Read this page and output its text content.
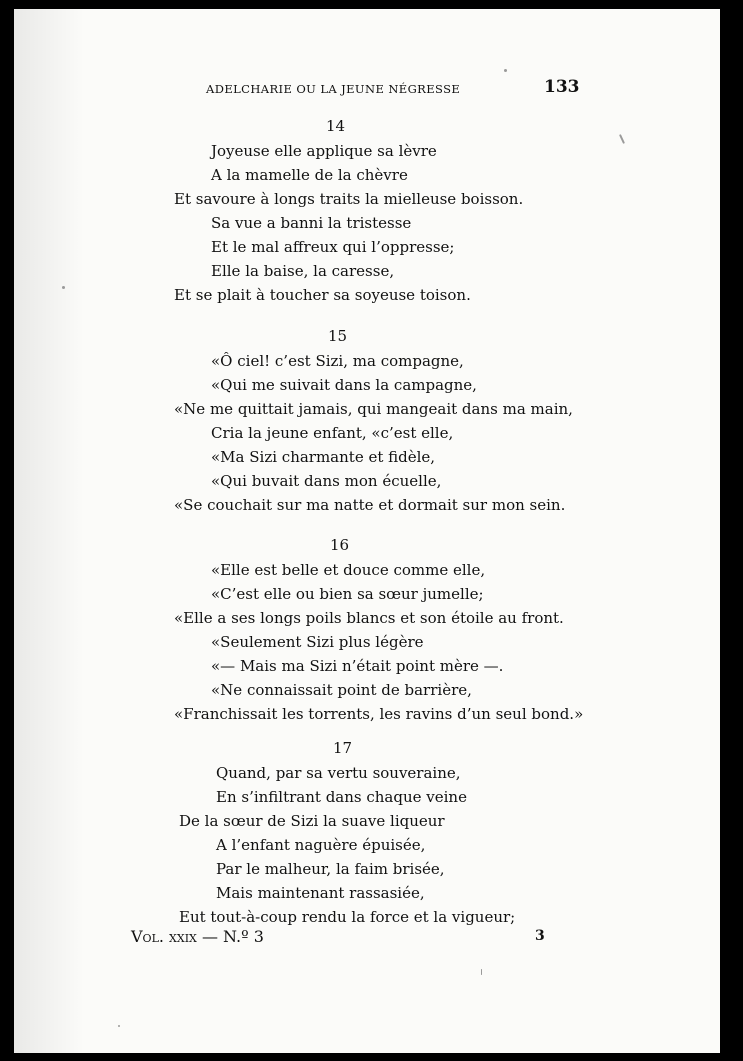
ADELCHARIE OU LA JEUNE NÉGRESSE	133
14
Joyeuse elle applique sa lèvre
A la mamelle de la chèvre
Et savoure à longs traits la mielleuse boisson.
Sa vue a banni la tristesse
Et le mal affreux qui l’oppresse;
Elle la baise, la caresse,
Et se plait à toucher sa soyeuse toison.
15
«Ô ciel! c’est Sizi, ma compagne,
«Qui me suivait dans la campagne,
«Ne me quittait jamais, qui mangeait dans ma main,
Cria la jeune enfant, «c’est elle,
«Ma Sizi charmante et fidèle,
«Qui buvait dans mon écuelle,
«Se couchait sur ma natte et dormait sur mon sein.
16
«Elle est belle et douce comme elle,
«C’est elle ou bien sa sœur jumelle;
«Elle a ses longs poils blancs et son étoile au front.
«Seulement Sizi plus légère
«— Mais ma Sizi n’était point mère —.
«Ne connaissait point de barrière,
«Franchissait les torrents, les ravins d’un seul bond.»
17
Quand, par sa vertu souveraine,
En s’infiltrant dans chaque veine
De la sœur de Sizi la suave liqueur
A l’enfant naguère épuisée,
Par le malheur, la faim brisée,
Mais maintenant rassasiée,
Eut tout-à-coup rendu la force et la vigueur;
Vol. xxix — N.º 3	3
